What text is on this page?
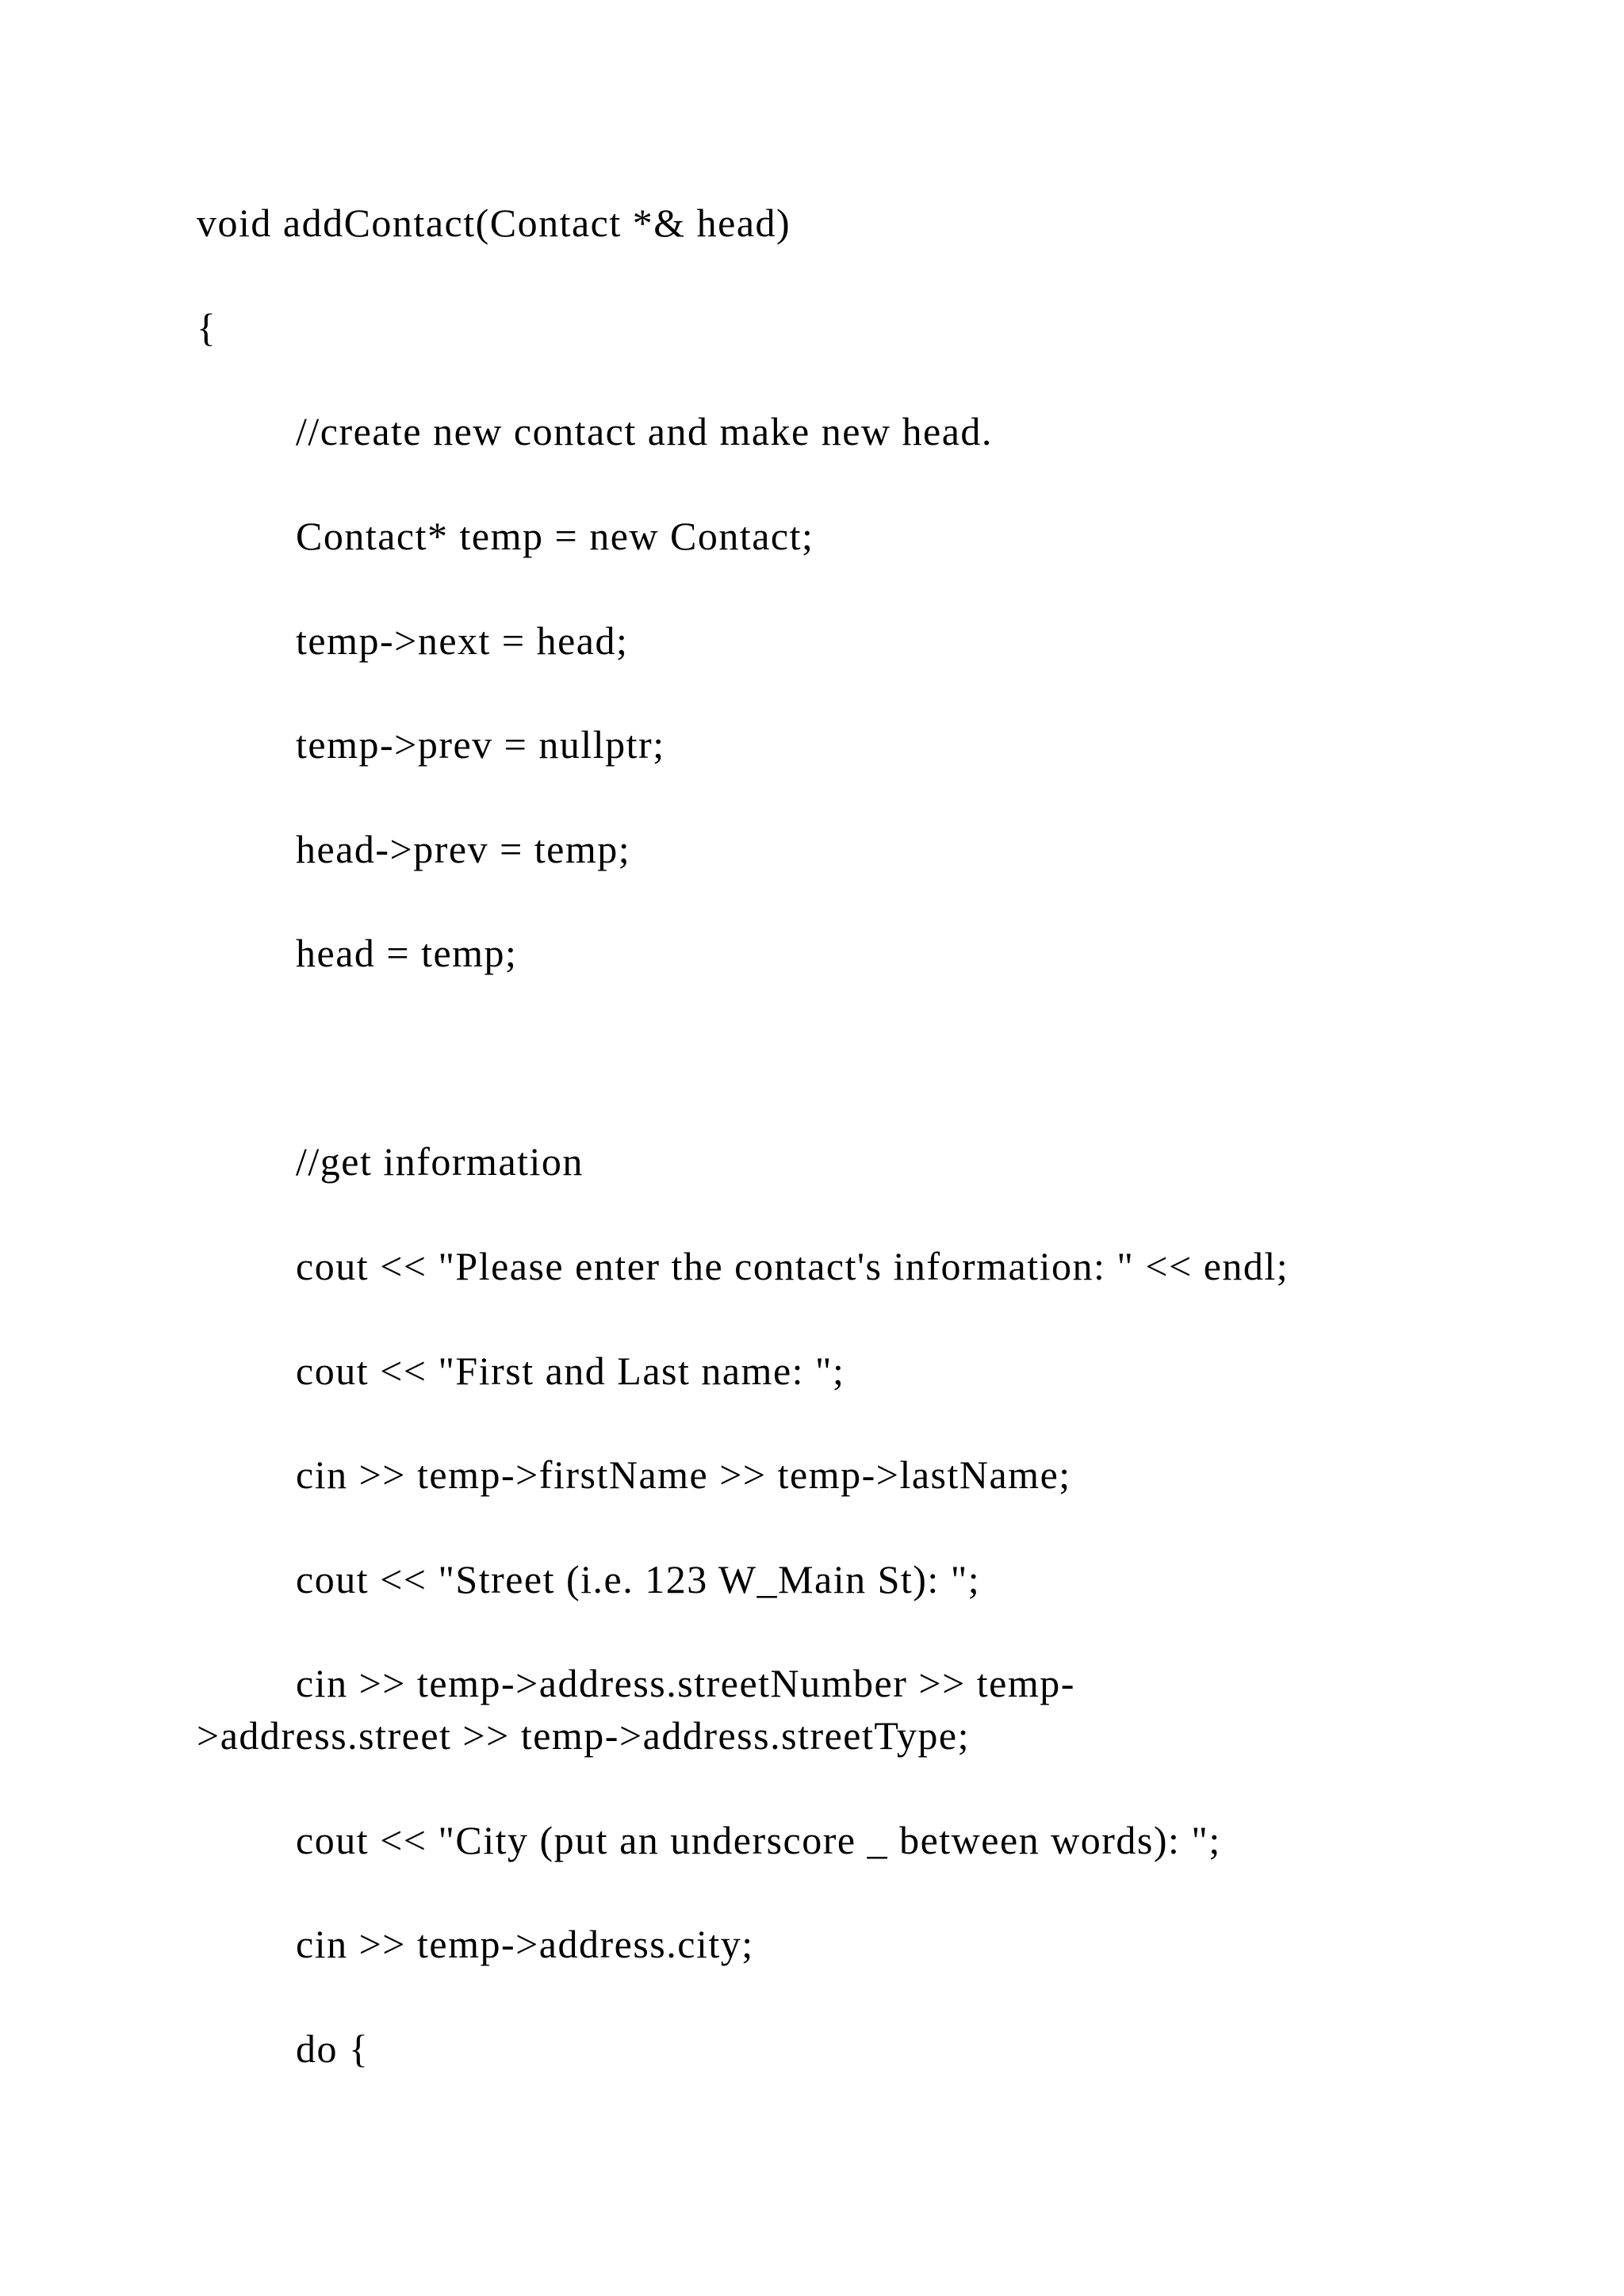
void addContact(Contact *& head)
{
//create new contact and make new head.
Contact* temp = new Contact;
temp->next = head;
temp->prev = nullptr;
head->prev = temp;
head = temp;
//get information
cout << "Please enter the contact's information: " << endl;
cout << "First and Last name: ";
cin >> temp->firstName >> temp->lastName;
cout << "Street (i.e. 123 W_Main St): ";
cin >> temp->address.streetNumber >> temp-
>address.street >> temp->address.streetType;
cout << "City (put an underscore _ between words): ";
cin >> temp->address.city;
do {
